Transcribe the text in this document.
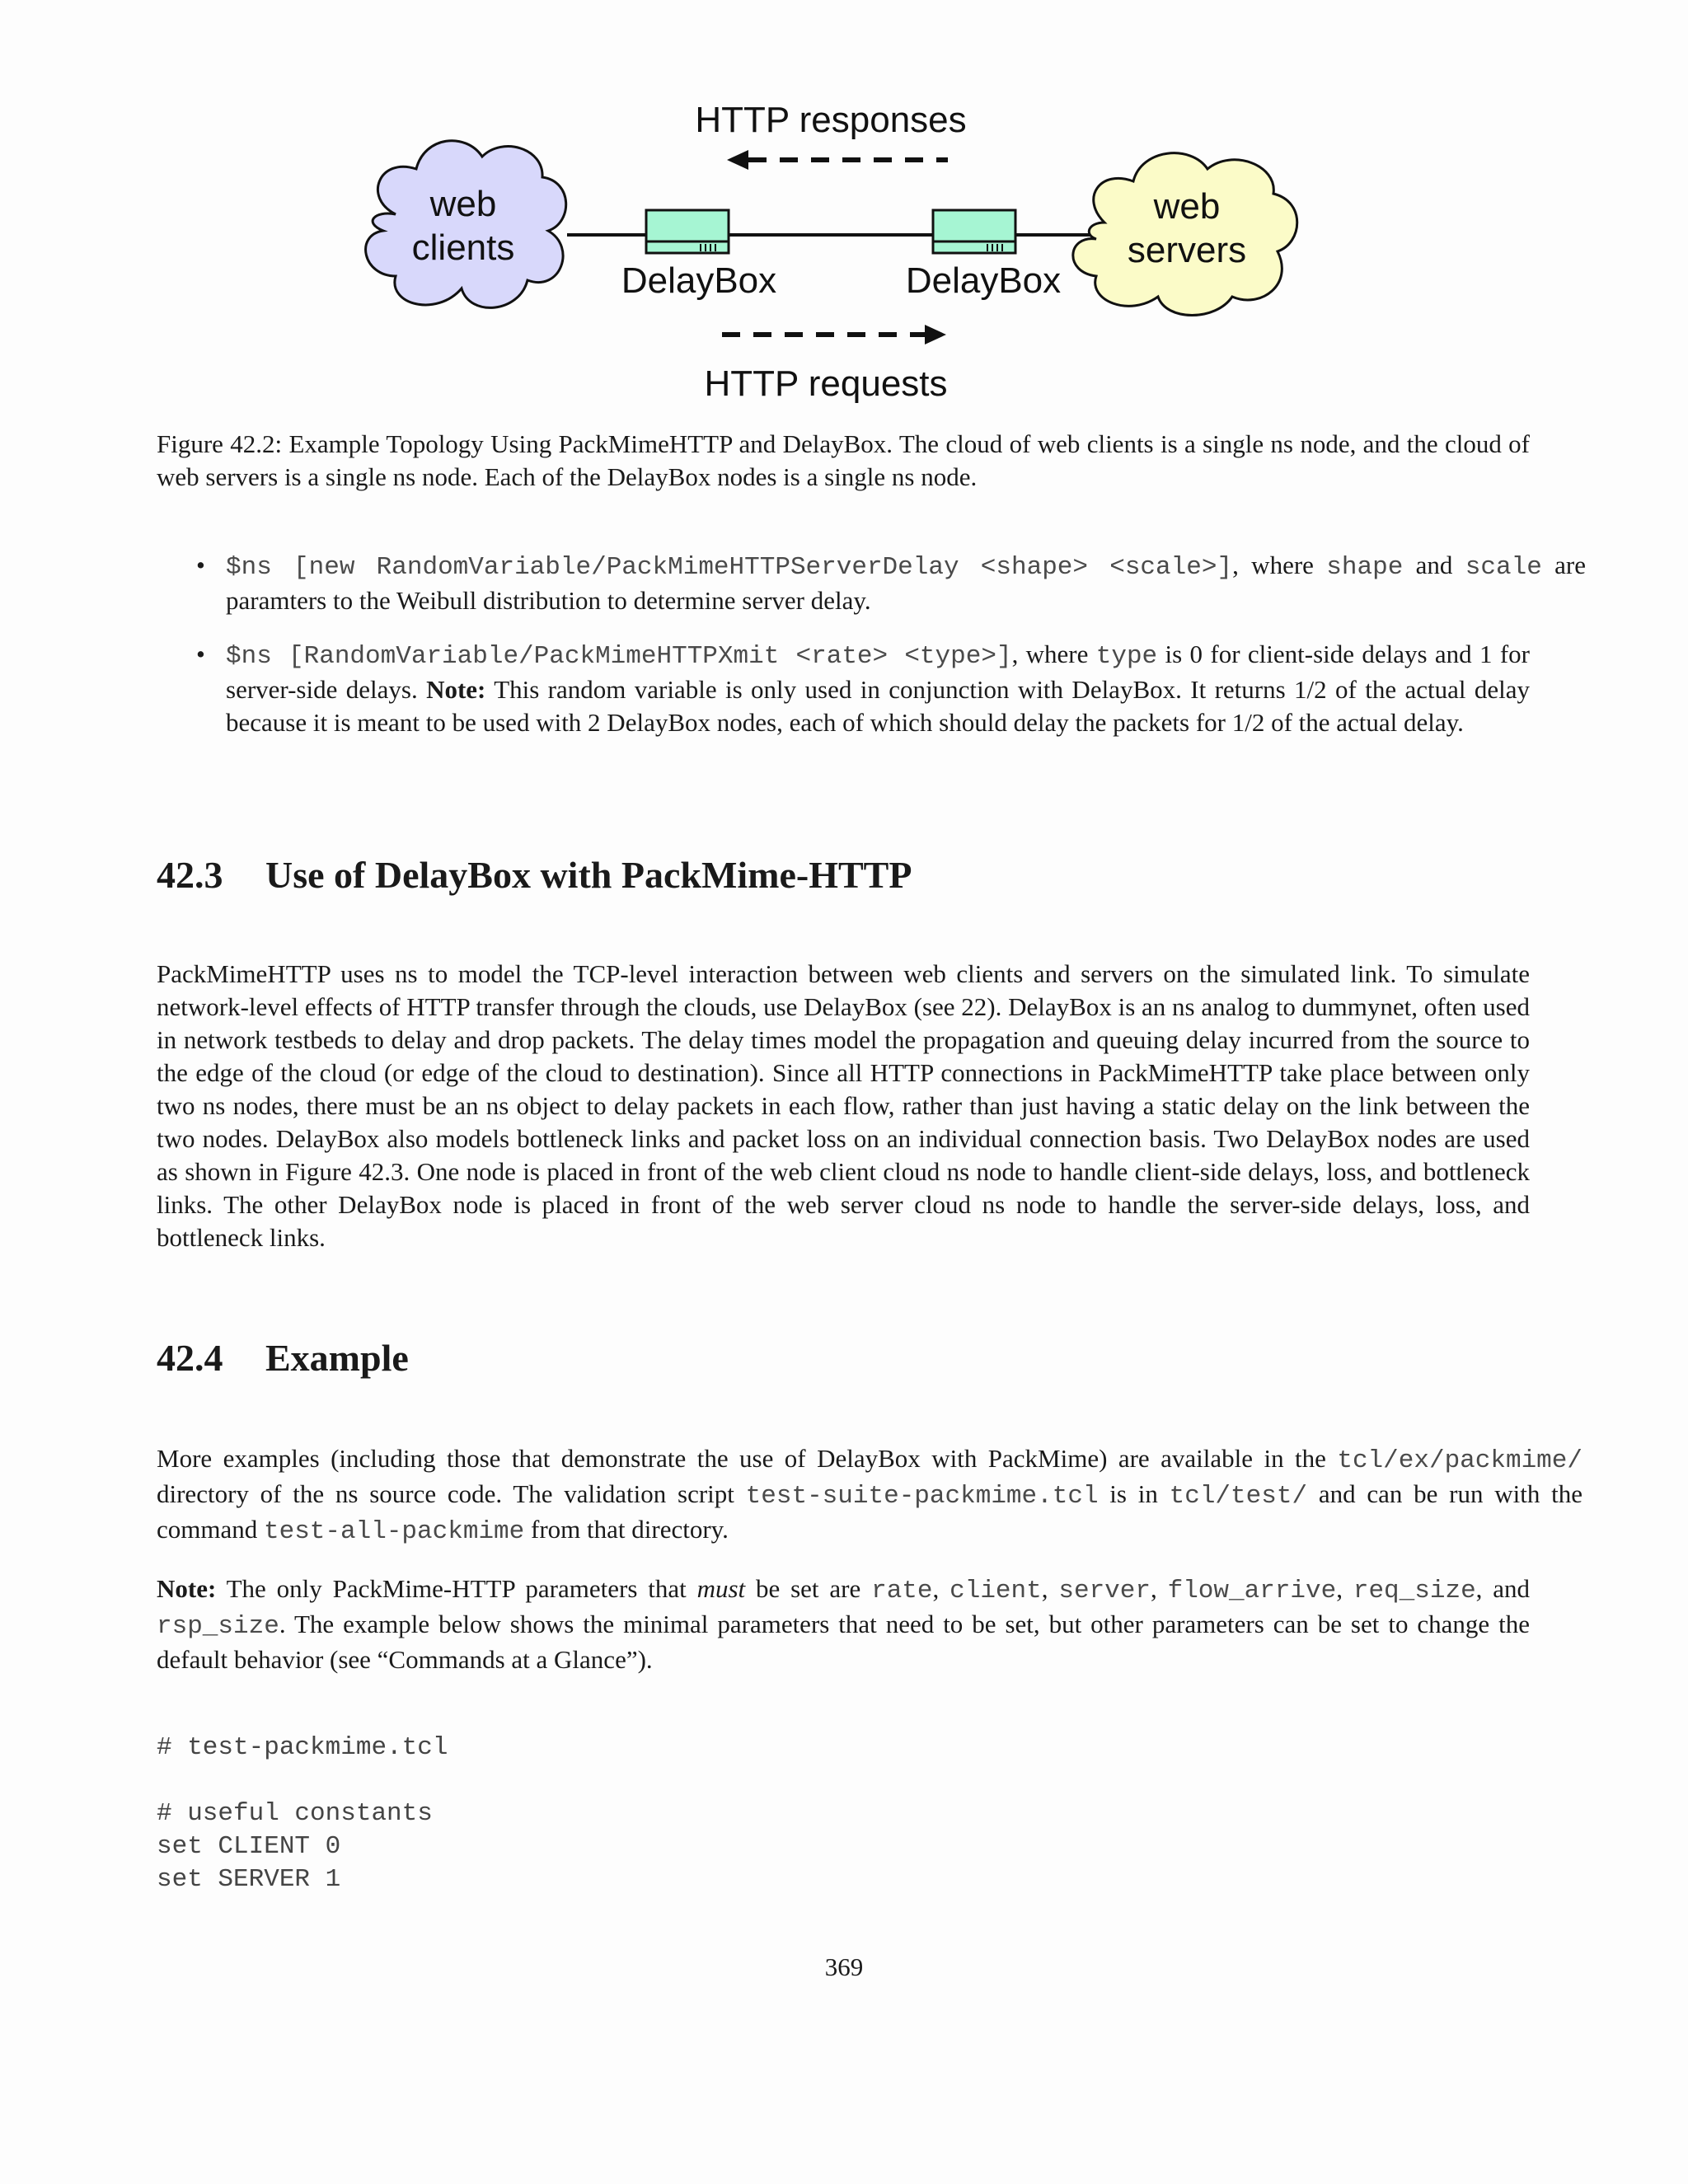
HTTP responses
web
clients
web
servers
DelayBox	DelayBox
HTTP requests

Figure 42.2: Example Topology Using PackMimeHTTP and DelayBox. The cloud of web clients is a single ns node, and the cloud of web servers is a single ns node. Each of the DelayBox nodes is a single ns node.

• $ns [new RandomVariable/PackMimeHTTPServerDelay <shape> <scale>], where shape and scale are paramters to the Weibull distribution to determine server delay.
• $ns [RandomVariable/PackMimeHTTPXmit <rate> <type>], where type is 0 for client-side delays and 1 for server-side delays. Note: This random variable is only used in conjunction with DelayBox. It returns 1/2 of the actual delay because it is meant to be used with 2 DelayBox nodes, each of which should delay the packets for 1/2 of the actual delay.
42.3 Use of DelayBox with PackMime-HTTP

PackMimeHTTP uses ns to model the TCP-level interaction between web clients and servers on the simulated link. To simulate network-level effects of HTTP transfer through the clouds, use DelayBox (see 22). DelayBox is an ns analog to dummynet, often used in network testbeds to delay and drop packets. The delay times model the propagation and queuing delay incurred from the source to the edge of the cloud (or edge of the cloud to destination). Since all HTTP connections in PackMimeHTTP take place between only two ns nodes, there must be an ns object to delay packets in each flow, rather than just having a static delay on the link between the two nodes. DelayBox also models bottleneck links and packet loss on an individual connection basis. Two DelayBox nodes are used as shown in Figure 42.3. One node is placed in front of the web client cloud ns node to handle client-side delays, loss, and bottleneck links. The other DelayBox node is placed in front of the web server cloud ns node to handle the server-side delays, loss, and bottleneck links.

42.4 Example

More examples (including those that demonstrate the use of DelayBox with PackMime) are available in the tcl/ex/packmime/ directory of the ns source code. The validation script test-suite-packmime.tcl is in tcl/test/ and can be run with the command test-all-packmime from that directory.

Note: The only PackMime-HTTP parameters that must be set are rate, client, server, flow_arrive, req_size, and rsp_size. The example below shows the minimal parameters that need to be set, but other parameters can be set to change the default behavior (see “Commands at a Glance”).

# test-packmime.tcl
# useful constants
set CLIENT 0
set SERVER 1
369
